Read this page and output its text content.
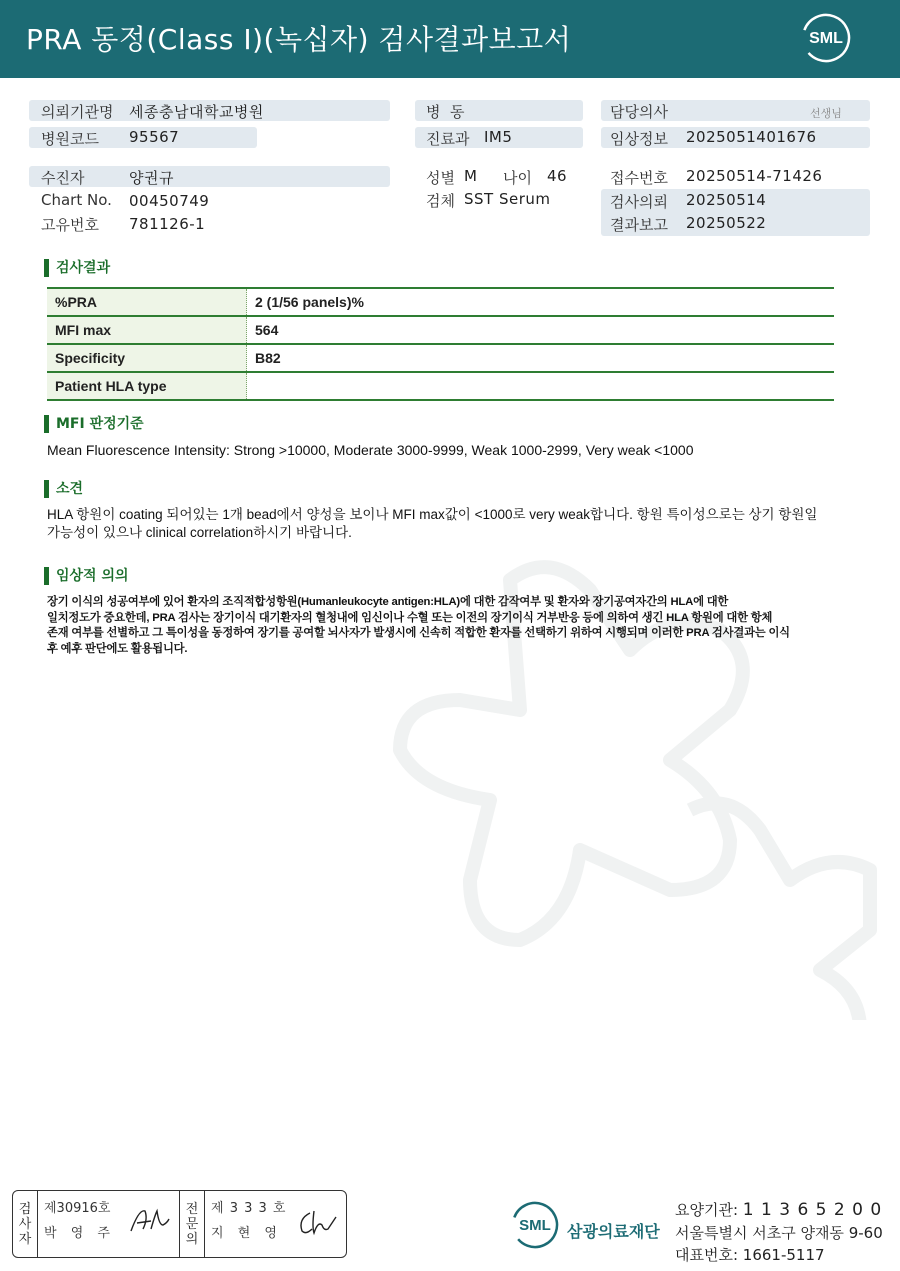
PRA 동정(Class I)(녹십자) 검사결과보고서	SML
의뢰기관명 세종충남대학교병원
병원코드 95567
병  동
진료과 IM5
담당의사	선생님
임상정보 2025051401676
수진자	양권규
Chart No. 00450749
고유번호 781126-1
성별 M 나이 46
검체 SST Serum
접수번호 20250514-71426
검사의뢰 20250514
결과보고 20250522
검사결과
%PRA	2 (1/56 panels)%
MFI max	564
Specificity	B82
Patient HLA type	
MFI 판정기준
Mean Fluorescence Intensity: Strong >10000, Moderate 3000-9999, Weak 1000-2999, Very weak <1000
소견
HLA 항원이 coating 되어있는 1개 bead에서 양성을 보이나 MFI max값이 <1000로 very weak합니다. 항원 특이성으로는 상기 항원일
가능성이 있으나 clinical correlation하시기 바랍니다.
임상적 의의
장기 이식의 성공여부에 있어 환자의 조직적합성항원(Humanleukocyte antigen:HLA)에 대한 감작여부 및 환자와 장기공여자간의 HLA에 대한
일치정도가 중요한데, PRA 검사는 장기이식 대기환자의 혈청내에 임신이나 수혈 또는 이전의 장기이식 거부반응 등에 의하여 생긴 HLA 항원에 대한 항체
존재 여부를 선별하고 그 특이성을 동정하여 장기를 공여할 뇌사자가 발생시에 신속히 적합한 환자를 선택하기 위하여 시행되며 이러한 PRA 검사결과는 이식
후 예후 판단에도 활용됩니다.
검
사
자
제30916호
박 영 주
전
문
의
제 3 3 3 호
지 현 영	SML 삼광의료재단
요양기관: 1 1 3 6 5 2 0 0
서울특별시 서초구 양재동 9-60
대표번호: 1661-5117
